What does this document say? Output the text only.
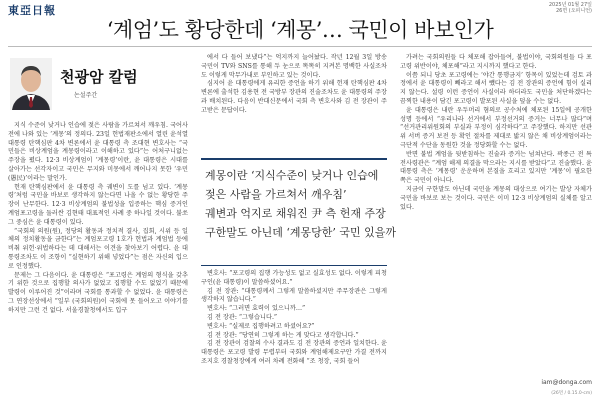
東亞日報	2025년 01월 27일
26면 (오피니언)
‘계엄’도 황당한데 ‘계몽’… 국민이 바보인가
천광암 칼럼
논설주간

지식 수준이 낮거나 인습에 젖은 사람을 가르쳐서 깨우침. 국어사전에 나와 있는 ‘계몽’의 정의다. 23일 헌법재판소에서 열린 윤석열 대통령 탄핵심판 4차 변론에서 윤 대통령 측 조대현 변호사는 “국민들은 비상계엄을 계몽령이라고 이해하고 있다”는 어처구니없는 주장을 폈다. 12·3 비상계엄이 ‘계몽령’이란, 윤 대통령은 시대를 살아가는 선각자이고 국민은 무지와 미몽에서 깨어나지 못한 ‘우민(愚民)’이라는 말인가.

헌재 탄핵심판에서 윤 대통령 측 궤변이 도를 넘고 있다. ‘계몽령’처럼 국민을 바보로 생각하지 않는다면 나올 수 없는 황당한 주장이 난무한다. 12·3 비상계엄의 불법성을 입증하는 핵심 증거인 계엄포고령을 둘러싼 김현태 대표적인 사례 중 하나일 것이다. 불쏘 그 중심은 윤 대통령이 있다.

“국회의 의원(원), 정당의 활동과 정치적 결사, 집회, 시위 등 일체의 정치활동을 금한다”는 계엄포고령 1호가 헌법과 계엄법 등에 비춰 위헌·위법하다는 데 대해서는 이견을 찾아보기 어렵다. 윤 대통령조차도 이 조항이 “실현하기 위해 넣었다”는 점은 자신의 입으로 인정했다.

문제는 그 다음이다. 윤 대통령은 “포고령은 계엄의 형식을 갖추기 위한 것으로 집행할 의사가 없었고 집행할 수도 없었기 때문에 발령이 이루어진 것”이라며 국회를 통과할 수 없었다. 윤 대통령은 그 연장선상에서 “일부 (국회의원)이 국회에 못 들어오고 이야기를 하지만 그런 건 없다. 서울경찰청에서도 입구

에서 다 들어 보냈다”는 억지까지 늘어놨다. 작년 12월 3일 방송 국민이 TV와 SNS를 통해 두 눈으로 똑똑히 지켜본 명백한 사실조차도 이렇게 막무가내로 부인하고 있는 것이다.

심지어 윤 대통령에게 유리한 증언을 하기 위해 헌재 탄핵심판 4차 변론에 출석한 김용현 전 국방부 장관의 진술조차도 윤 대통령의 주장과 배치된다. 다음이 반대신문에서 국회 측 변호사와 김 전 장관이 주고받은 문답이다.

계몽이란 ‘지식수준이 낮거나 인습에
젖은 사람을 가르쳐서 깨우침’
궤변과 억지로 채워진 尹 측 헌재 주장
구한말도 아닌데 ‘계몽당한’ 국민 있을까

변호사: “포고령의 집행 가능성도 없고 실효성도 없다. 이렇게 피청구인(윤 대통령)이 말씀하셨어요.”

김 전 장관: “대통령께서 그렇게 말씀하셨지만 주무장관은 그렇게 생각하지 않습니다.”

변호사: “그러면 효력이 있으니까…”

김 전 장관: “그렇습니다.”

변호사: “실제로 집행하려고 하셨어요?”

김 전 장관: “당연히 그렇게 하는 게 맞다고 생각합니다.”

김 전 장관이 검찰의 수사 결과도 김 전 장관의 증언과 일치한다. 윤 대통령은 포고령 발령 무렵부터 국회와 계엄해제요구안 가결 전까지 조지호 경찰청장에게 여러 차례 전화해 “조 청장, 국회 들어

가려는 국회의원들 다 체포해 잡아들여, 불법이야, 국회의원들 다 포고령 위반이야, 체포해”라고 지시까지 했다고 한다.

이쯤 되니 당초 포고령에는 ‘야간 통행금지’ 항목이 있었는데 검토 과정에서 윤 대통령이 빼라고 해서 뺐다는 김 전 장관의 증언에 힘이 실리지 않는다. 설령 이런 증언이 사실이라 하더라도 국민을 처단하겠다는 끔찍한 내용이 담긴 포고령이 발포된 사실을 덮을 수는 없다.

윤 대통령은 내란 우두머리 혐의로 공수처에 체포된 15일에 공개한 성명 등에서 “우리나라 선거에서 부정선거의 증거는 너무나 많다”며 “선거관리위원회의 부실과 부정이 심각하다”고 주장했다. 하지만 선관위 서버 증거 보전 등 확인 절차를 제대로 밟지 않은 채 비상계엄이라는 극단적 수단을 동원한 것을 정당화할 수는 없다.

반면 불법 계엄을 뒷받침하는 진술과 증거는 넘쳐난다. 곽종근 전 특전사령관은 “계엄 해제 의결을 막으라는 지시를 받았다”고 진술했다. 윤 대통령 측은 ‘계몽령’ 운운하며 본질을 흐리고 있지만 ‘계몽’이 필요한 쪽은 국민이 아니다.

지금이 구한말도 아닌데 국민을 계몽의 대상으로 여기는 발상 자체가 국민을 바보로 보는 것이다. 국민은 이미 12·3 비상계엄의 실체를 알고 있다.

iam@donga.com
(26면 / 0.15.0-cm)
